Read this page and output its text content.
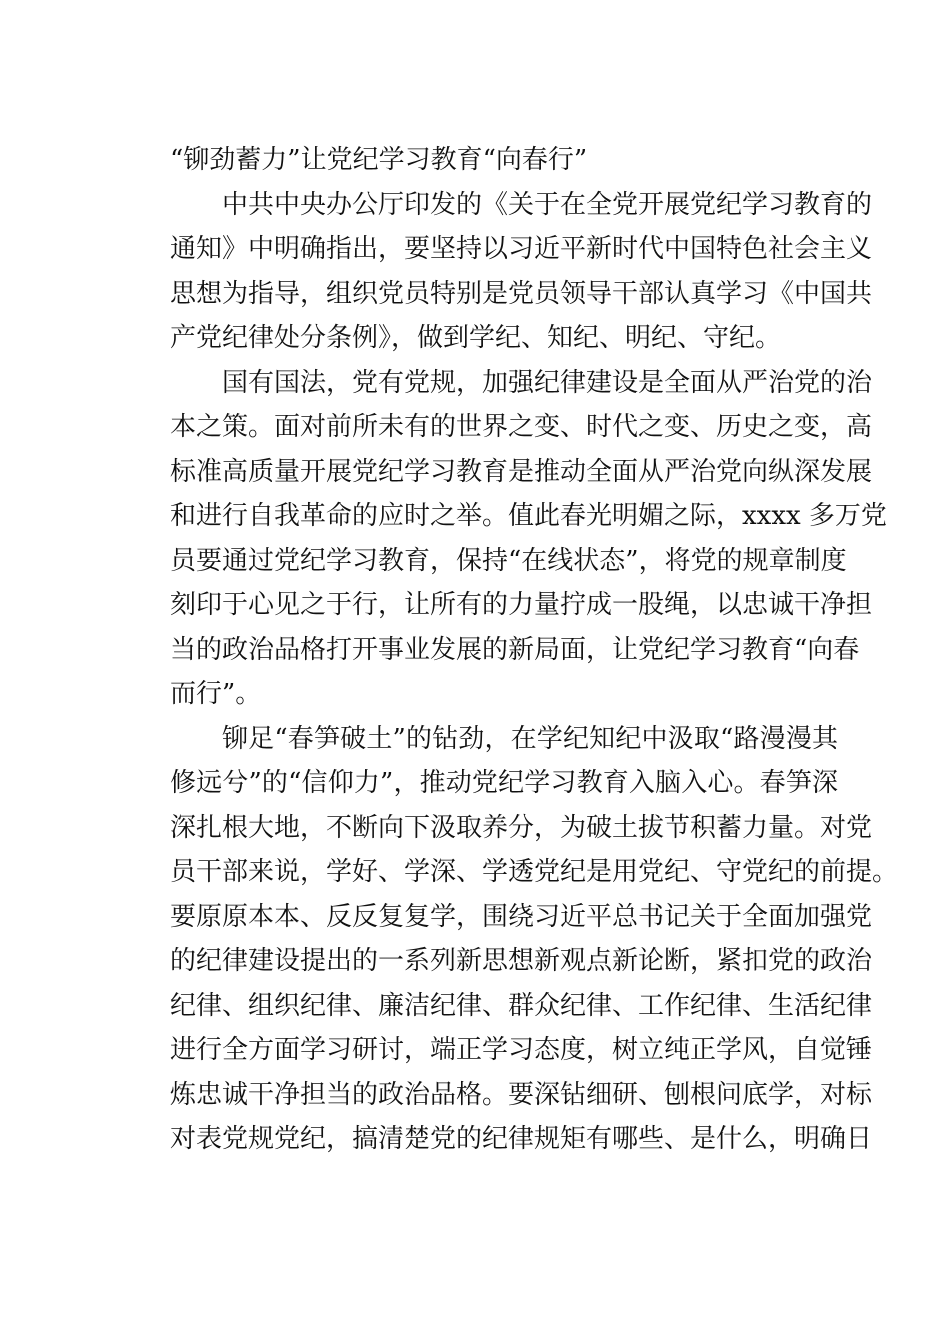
“铆劲蓄力”让党纪学习教育“向春行”
中共中央办公厅印发的《关于在全党开展党纪学习教育的
通知》中明确指出，要坚持以习近平新时代中国特色社会主义
思想为指导，组织党员特别是党员领导干部认真学习《中国共
产党纪律处分条例》，做到学纪、知纪、明纪、守纪。
国有国法，党有党规，加强纪律建设是全面从严治党的治
本之策。面对前所未有的世界之变、时代之变、历史之变，高
标准高质量开展党纪学习教育是推动全面从严治党向纵深发展
和进行自我革命的应时之举。值此春光明媚之际，xxxx 多万党
员要通过党纪学习教育，保持“在线状态”，将党的规章制度
刻印于心见之于行，让所有的力量拧成一股绳，以忠诚干净担
当的政治品格打开事业发展的新局面，让党纪学习教育“向春
而行”。
铆足“春笋破土”的钻劲，在学纪知纪中汲取“路漫漫其
修远兮”的“信仰力”，推动党纪学习教育入脑入心。春笋深
深扎根大地，不断向下汲取养分，为破土拔节积蓄力量。对党
员干部来说，学好、学深、学透党纪是用党纪、守党纪的前提。
要原原本本、反反复复学，围绕习近平总书记关于全面加强党
的纪律建设提出的一系列新思想新观点新论断，紧扣党的政治
纪律、组织纪律、廉洁纪律、群众纪律、工作纪律、生活纪律
进行全方面学习研讨，端正学习态度，树立纯正学风，自觉锤
炼忠诚干净担当的政治品格。要深钻细研、刨根问底学，对标
对表党规党纪，搞清楚党的纪律规矩有哪些、是什么，明确日
